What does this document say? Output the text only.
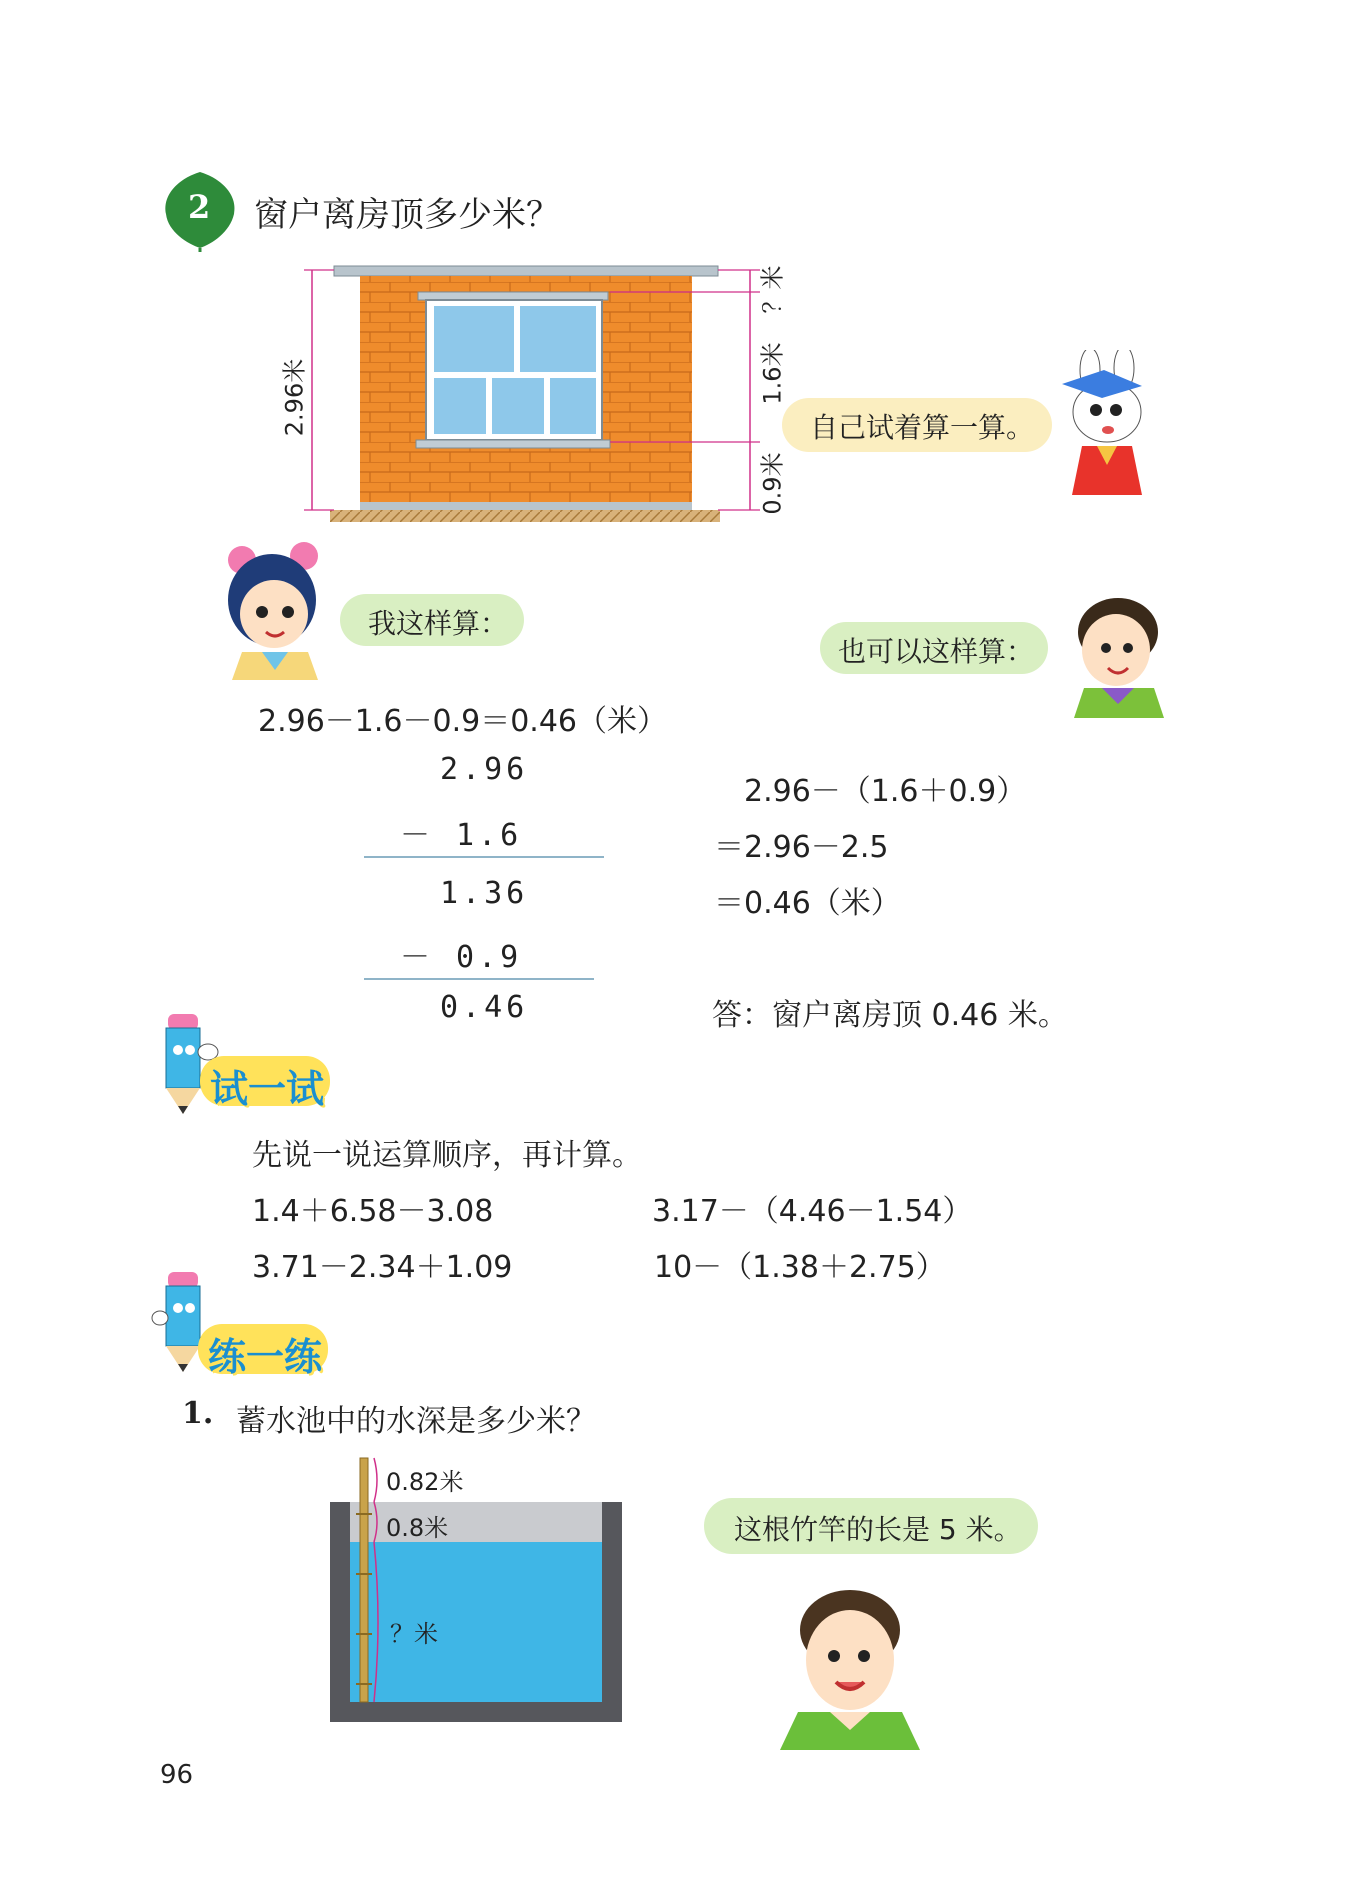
2 窗户离房顶多少米？
2.96米
？米
1.6米
0.9米
自己试着算一算。
我这样算：
也可以这样算：
2.96－1.6－0.9＝0.46（米）
2.96
－ 1.6
1.36
－ 0.9
0.46
2.96－（1.6＋0.9）
＝2.96－2.5
＝0.46（米）
答：窗户离房顶 0.46 米。
试一试
先说一说运算顺序，再计算。
1.4＋6.58－3.08	3.17－（4.46－1.54）
3.71－2.34＋1.09	10－（1.38＋2.75）
练一练
1. 蓄水池中的水深是多少米？
0.82米
0.8米
？米
这根竹竿的长是 5 米。
96
